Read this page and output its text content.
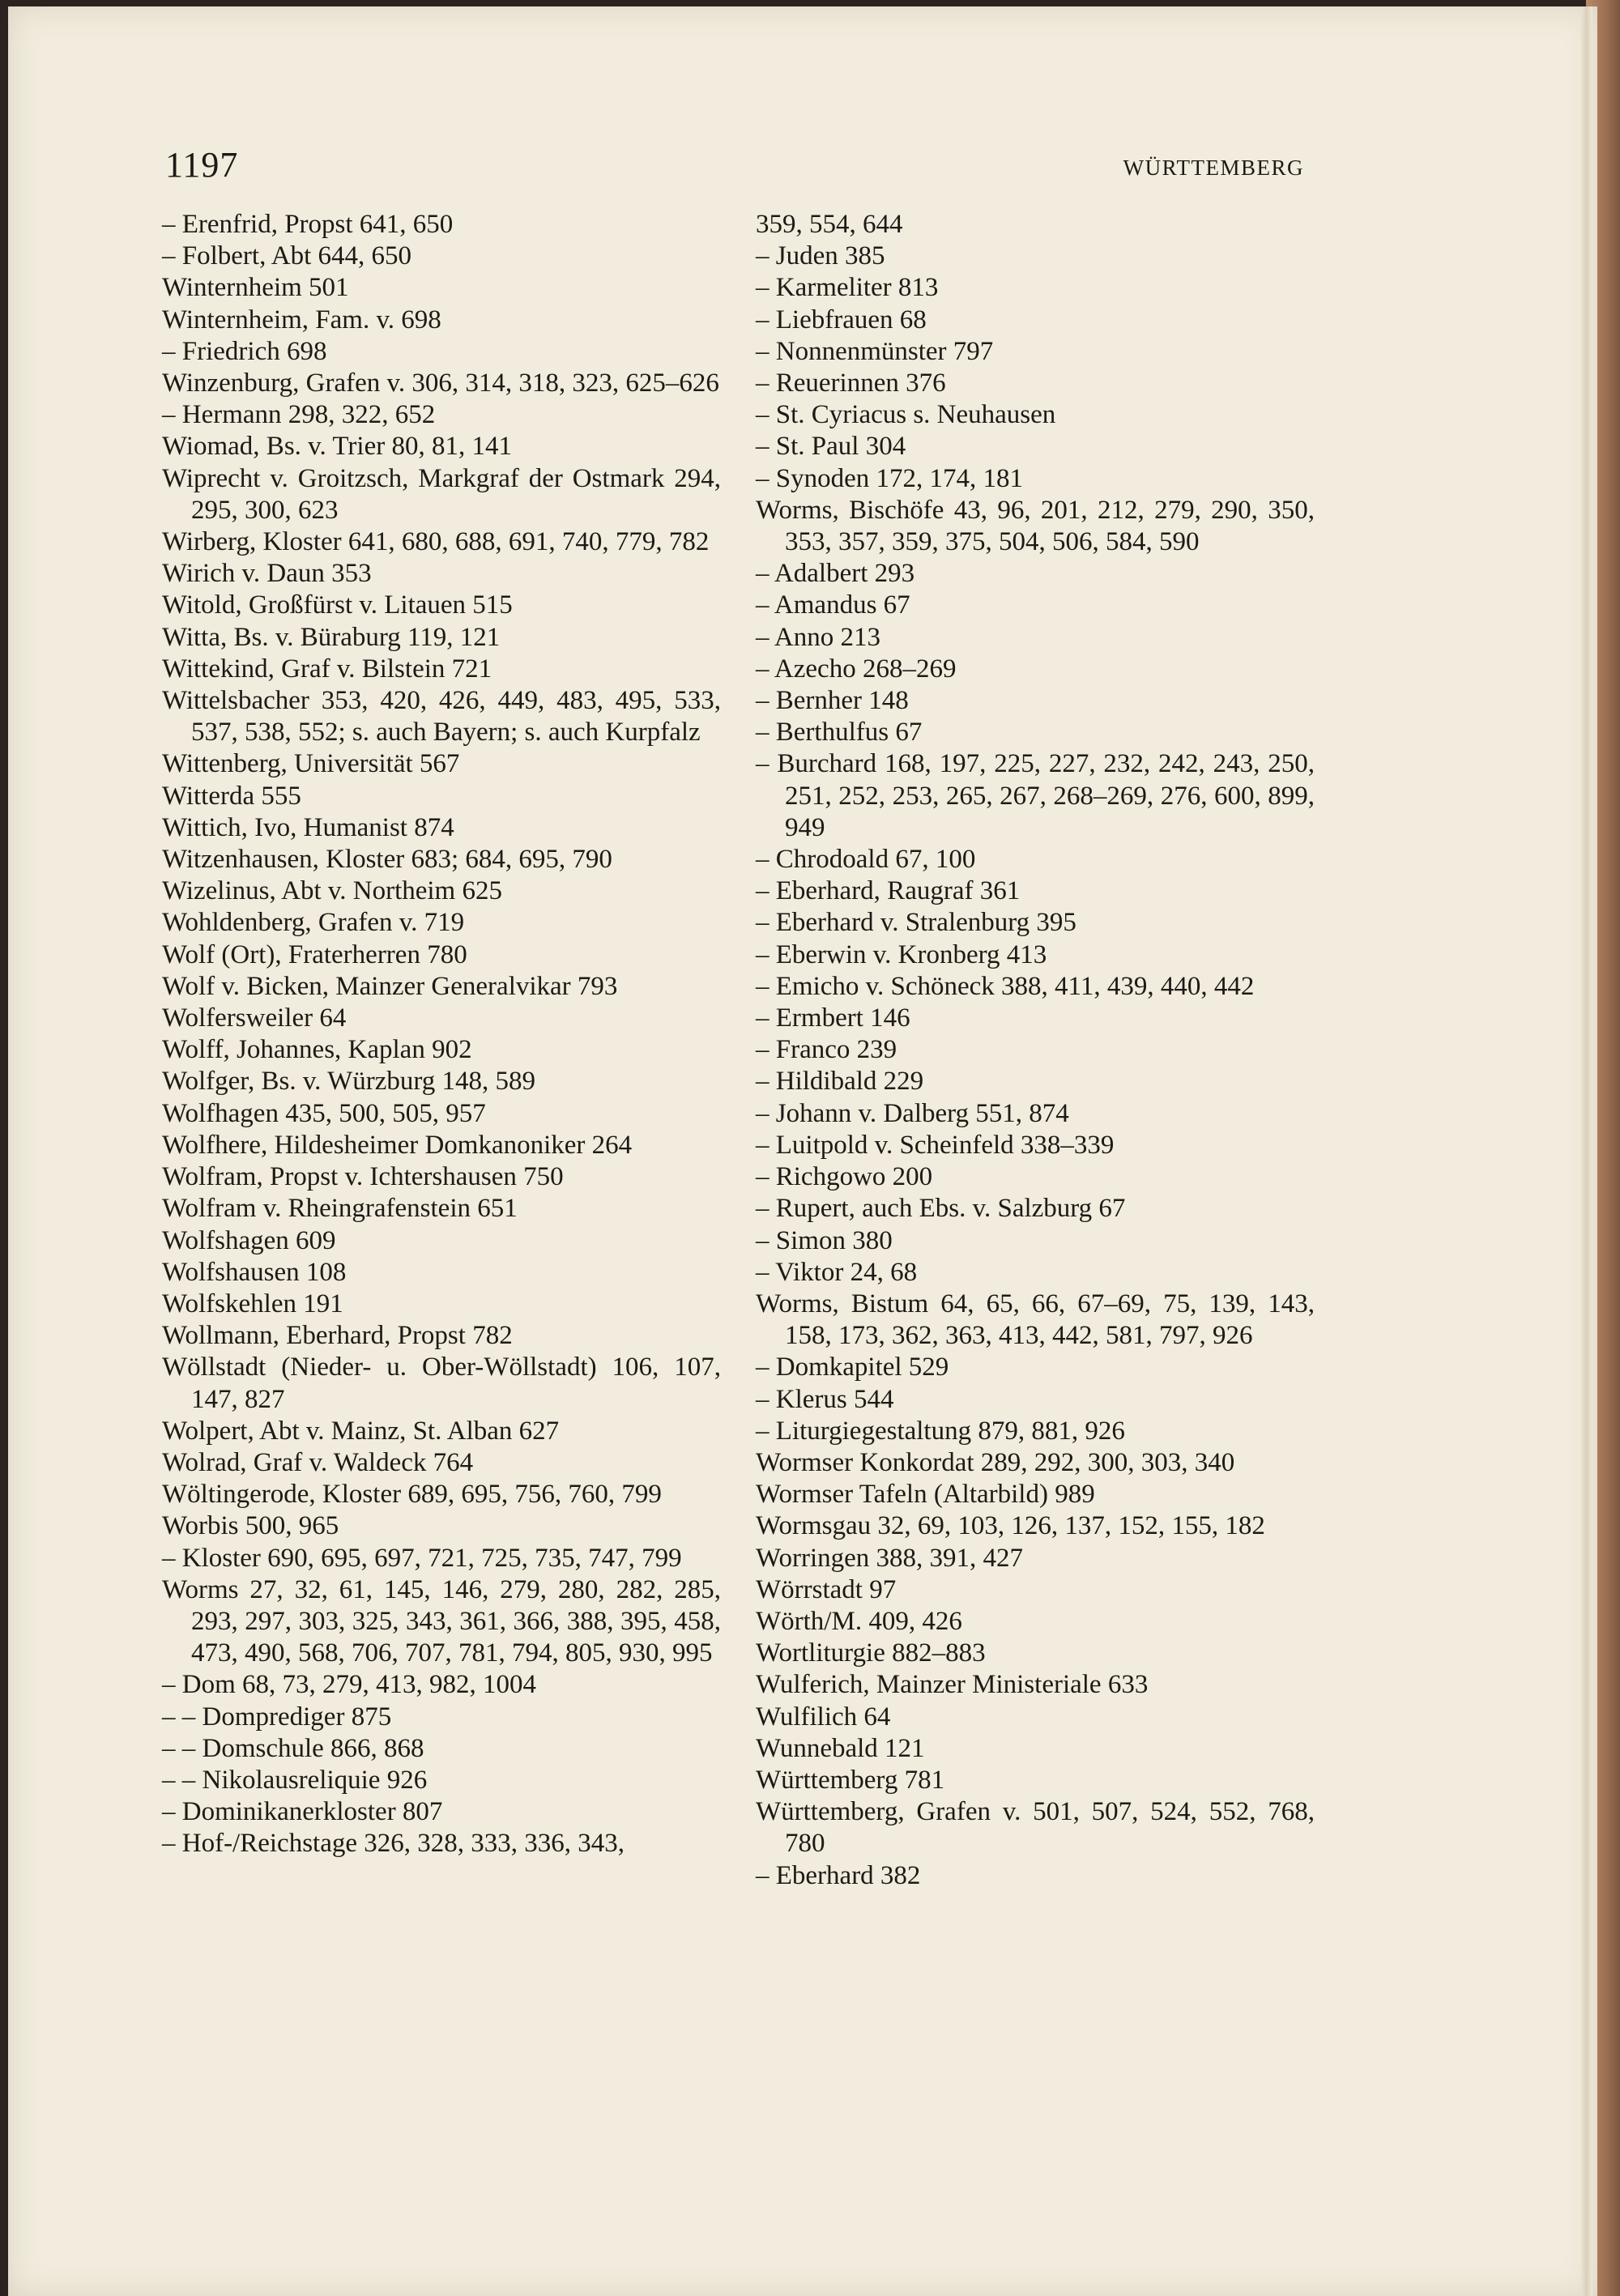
1197	WÜRTTEMBERG
– Erenfrid, Propst 641, 650
– Folbert, Abt 644, 650
Winternheim 501
Winternheim, Fam. v. 698
– Friedrich 698
Winzenburg, Grafen v. 306, 314, 318, 323, 625–626
– Hermann 298, 322, 652
Wiomad, Bs. v. Trier 80, 81, 141
Wiprecht v. Groitzsch, Markgraf der Ostmark 294, 295, 300, 623
Wirberg, Kloster 641, 680, 688, 691, 740, 779, 782
Wirich v. Daun 353
Witold, Großfürst v. Litauen 515
Witta, Bs. v. Büraburg 119, 121
Wittekind, Graf v. Bilstein 721
Wittelsbacher 353, 420, 426, 449, 483, 495, 533, 537, 538, 552; s. auch Bayern; s. auch Kurpfalz
Wittenberg, Universität 567
Witterda 555
Wittich, Ivo, Humanist 874
Witzenhausen, Kloster 683; 684, 695, 790
Wizelinus, Abt v. Northeim 625
Wohldenberg, Grafen v. 719
Wolf (Ort), Fraterherren 780
Wolf v. Bicken, Mainzer Generalvikar 793
Wolfersweiler 64
Wolff, Johannes, Kaplan 902
Wolfger, Bs. v. Würzburg 148, 589
Wolfhagen 435, 500, 505, 957
Wolfhere, Hildesheimer Domkanoniker 264
Wolfram, Propst v. Ichtershausen 750
Wolfram v. Rheingrafenstein 651
Wolfshagen 609
Wolfshausen 108
Wolfskehlen 191
Wollmann, Eberhard, Propst 782
Wöllstadt (Nieder- u. Ober-Wöllstadt) 106, 107, 147, 827
Wolpert, Abt v. Mainz, St. Alban 627
Wolrad, Graf v. Waldeck 764
Wöltingerode, Kloster 689, 695, 756, 760, 799
Worbis 500, 965
– Kloster 690, 695, 697, 721, 725, 735, 747, 799
Worms 27, 32, 61, 145, 146, 279, 280, 282, 285, 293, 297, 303, 325, 343, 361, 366, 388, 395, 458, 473, 490, 568, 706, 707, 781, 794, 805, 930, 995
– Dom 68, 73, 279, 413, 982, 1004
– – Domprediger 875
– – Domschule 866, 868
– – Nikolausreliquie 926
– Dominikanerkloster 807
– Hof-/Reichstage 326, 328, 333, 336, 343,
359, 554, 644
– Juden 385
– Karmeliter 813
– Liebfrauen 68
– Nonnenmünster 797
– Reuerinnen 376
– St. Cyriacus s. Neuhausen
– St. Paul 304
– Synoden 172, 174, 181
Worms, Bischöfe 43, 96, 201, 212, 279, 290, 350, 353, 357, 359, 375, 504, 506, 584, 590
– Adalbert 293
– Amandus 67
– Anno 213
– Azecho 268–269
– Bernher 148
– Berthulfus 67
– Burchard 168, 197, 225, 227, 232, 242, 243, 250, 251, 252, 253, 265, 267, 268–269, 276, 600, 899, 949
– Chrodoald 67, 100
– Eberhard, Raugraf 361
– Eberhard v. Stralenburg 395
– Eberwin v. Kronberg 413
– Emicho v. Schöneck 388, 411, 439, 440, 442
– Ermbert 146
– Franco 239
– Hildibald 229
– Johann v. Dalberg 551, 874
– Luitpold v. Scheinfeld 338–339
– Richgowo 200
– Rupert, auch Ebs. v. Salzburg 67
– Simon 380
– Viktor 24, 68
Worms, Bistum 64, 65, 66, 67–69, 75, 139, 143, 158, 173, 362, 363, 413, 442, 581, 797, 926
– Domkapitel 529
– Klerus 544
– Liturgiegestaltung 879, 881, 926
Wormser Konkordat 289, 292, 300, 303, 340
Wormser Tafeln (Altarbild) 989
Wormsgau 32, 69, 103, 126, 137, 152, 155, 182
Worringen 388, 391, 427
Wörrstadt 97
Wörth/M. 409, 426
Wortliturgie 882–883
Wulferich, Mainzer Ministeriale 633
Wulfilich 64
Wunnebald 121
Württemberg 781
Württemberg, Grafen v. 501, 507, 524, 552, 768, 780
– Eberhard 382
